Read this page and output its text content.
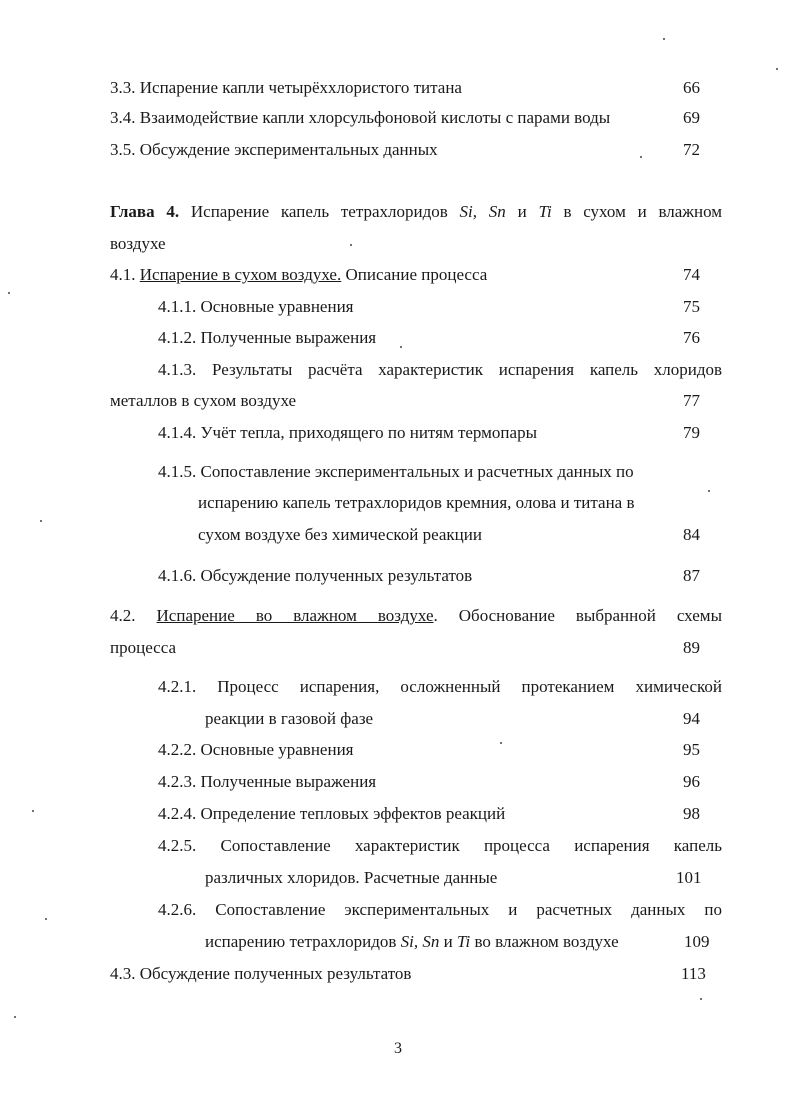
3.3. Испарение капли четырёххлористого титана	66
3.4. Взаимодействие капли хлорсульфоновой кислоты с парами воды	69
3.5. Обсуждение экспериментальных данных	72
Глава 4. Испарение капель тетрахлоридов Si, Sn и Ti в сухом и влажном
воздухе
4.1. Испарение в сухом воздухе. Описание процесса	74
4.1.1. Основные уравнения	75
4.1.2. Полученные выражения	76
4.1.3. Результаты расчёта характеристик испарения капель хлоридов
металлов в сухом воздухе	77
4.1.4. Учёт тепла, приходящего по нитям термопары	79
4.1.5. Сопоставление экспериментальных и расчетных данных по
испарению капель тетрахлоридов кремния, олова и титана в
сухом воздухе без химической реакции	84
4.1.6. Обсуждение полученных результатов	87
4.2. Испарение во влажном воздухе. Обоснование выбранной схемы
процесса	89
4.2.1. Процесс испарения, осложненный протеканием химической
реакции в газовой фазе	94
4.2.2. Основные уравнения	95
4.2.3. Полученные выражения	96
4.2.4. Определение тепловых эффектов реакций	98
4.2.5. Сопоставление характеристик процесса испарения капель
различных хлоридов. Расчетные данные	101
4.2.6. Сопоставление экспериментальных и расчетных данных по
испарению тетрахлоридов Si, Sn и Ti во влажном воздухе	109
4.3. Обсуждение полученных результатов	113
3
